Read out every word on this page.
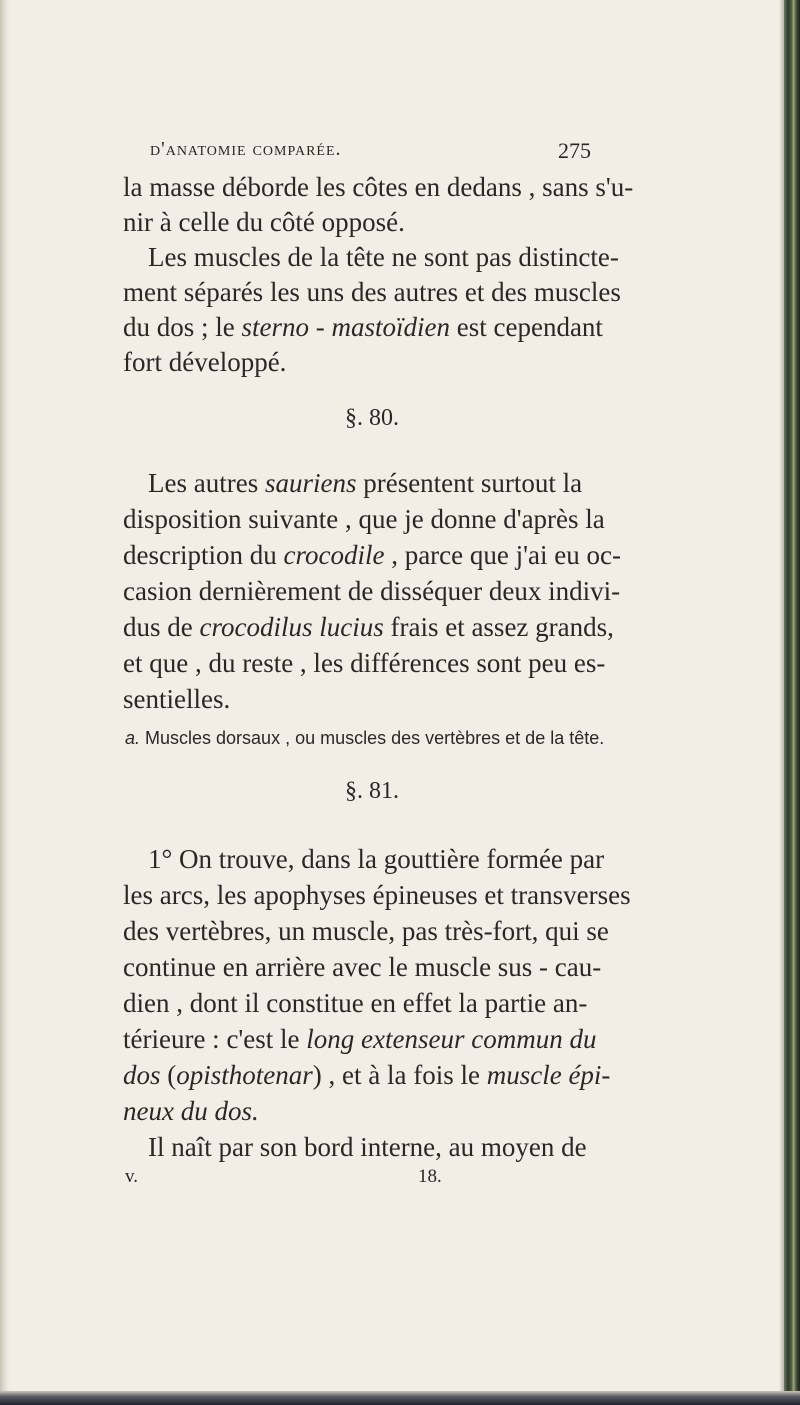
d'anatomie comparée.	275
la masse déborde les côtes en dedans , sans s'u-
nir à celle du côté opposé.
Les muscles de la tête ne sont pas distincte-
ment séparés les uns des autres et des muscles
du dos ; le sterno - mastoïdien est cependant
fort développé.
§. 80.
Les autres sauriens présentent surtout la
disposition suivante , que je donne d'après la
description du crocodile , parce que j'ai eu oc-
casion dernièrement de disséquer deux indivi-
dus de crocodilus lucius frais et assez grands,
et que , du reste , les différences sont peu es-
sentielles.
a. Muscles dorsaux , ou muscles des vertèbres et de la tête.
§. 81.
1° On trouve, dans la gouttière formée par
les arcs, les apophyses épineuses et transverses
des vertèbres, un muscle, pas très-fort, qui se
continue en arrière avec le muscle sus - cau-
dien , dont il constitue en effet la partie an-
térieure : c'est le long extenseur commun du
dos (opisthotenar) , et à la fois le muscle épi-
neux du dos.
Il naît par son bord interne, au moyen de
v.	18.
